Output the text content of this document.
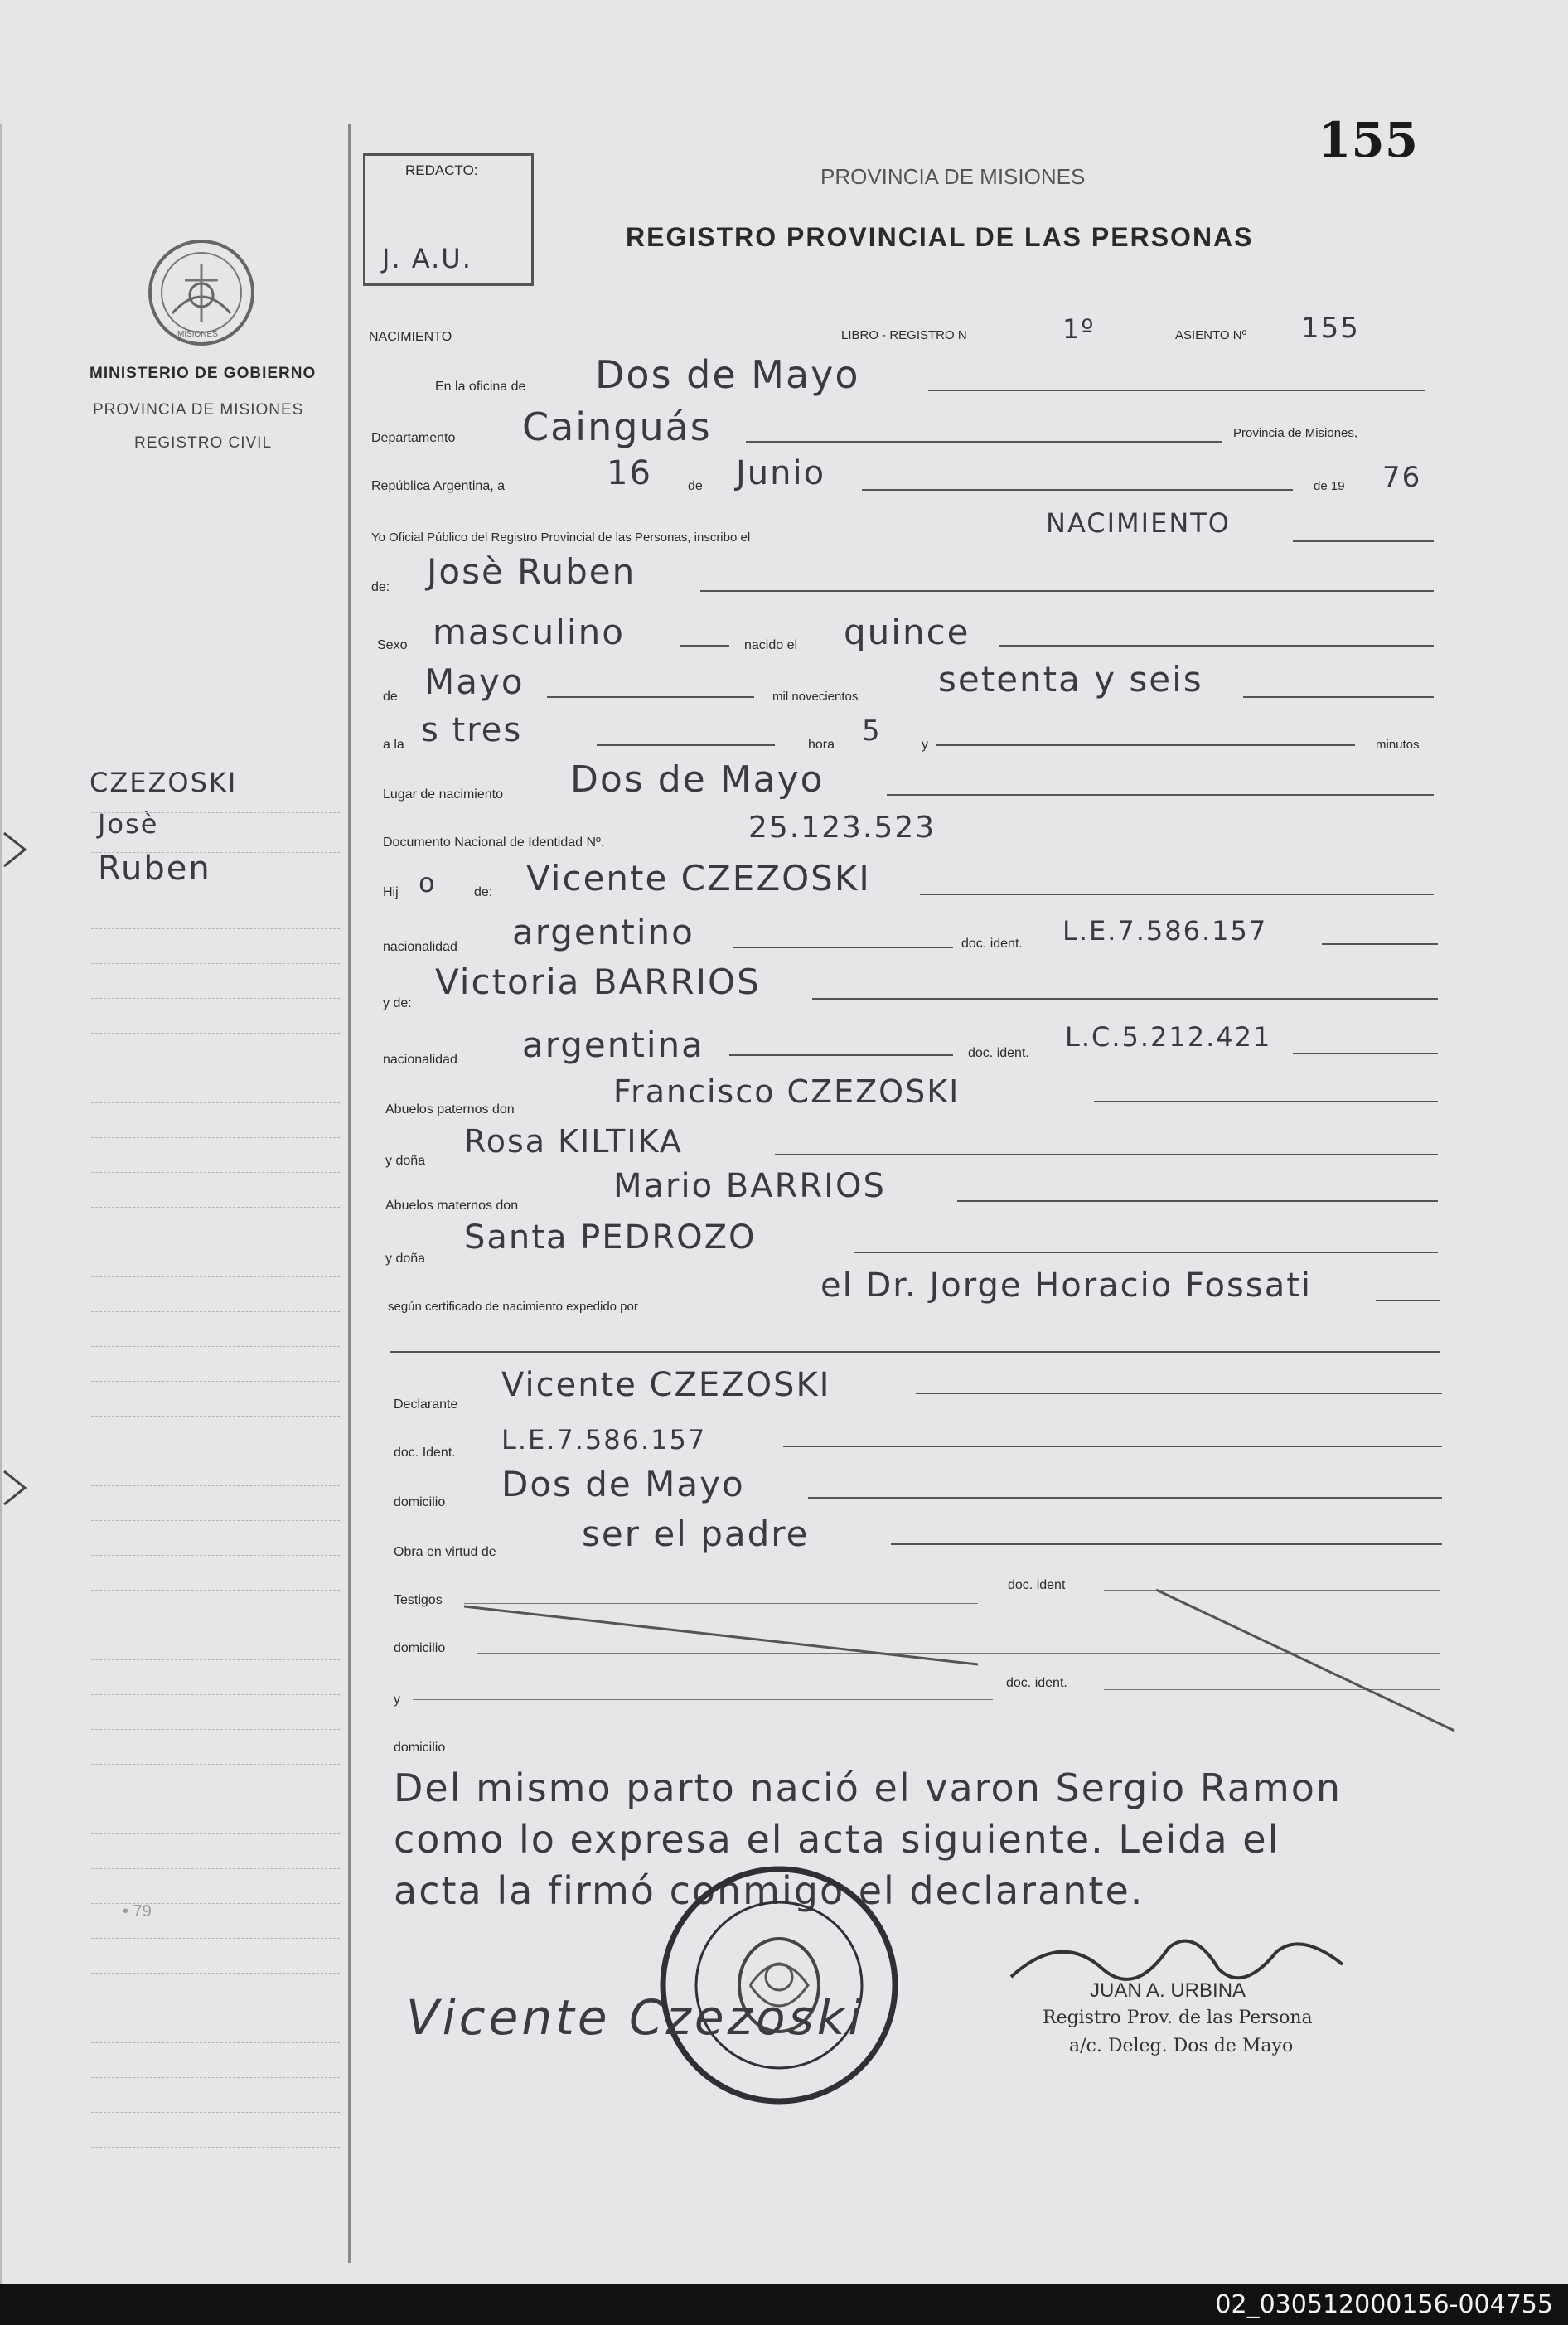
155
REDACTO:
J. A.U.
PROVINCIA DE MISIONES
REGISTRO PROVINCIAL DE LAS PERSONAS
MISIONES
MINISTERIO DE GOBIERNO
PROVINCIA DE MISIONES
REGISTRO CIVIL
CZEZOSKI
Josè
Ruben
• 79
NACIMIENTO	LIBRO - REGISTRO N	1º	ASIENTO Nº 155
En la oficina de Dos de Mayo
Departamento Cainguás	Provincia de Misiones,
República Argentina, a	16	de Junio	de 19 76
Yo Oficial Público del Registro Provincial de las Personas, inscribo el	NACIMIENTO
de: Josè Ruben
Sexo masculino	nacido el quince
de Mayo	mil novecientos setenta y seis
a la s tres	hora 5	y	minutos
Lugar de nacimiento Dos de Mayo
Documento Nacional de Identidad Nº.	25.123.523
Hij o	de: Vicente CZEZOSKI
nacionalidad argentino	doc. ident. L.E.7.586.157
y de:
Victoria BARRIOS
nacionalidad argentina	doc. ident.
L.C.5.212.421
Abuelos paternos don	Francisco CZEZOSKI
y doña
Rosa KILTIKA
Abuelos maternos don
Mario BARRIOS
y doña
Santa PEDROZO
según certificado de nacimiento expedido por
el Dr. Jorge Horacio Fossati
Declarante
Vicente CZEZOSKI
doc. Ident. L.E.7.586.157
domicilio Dos de Mayo
Obra en virtud de ser el padre
Testigos
doc. ident
domicilio
y
doc. ident.
domicilio
Del mismo parto nació el varon Sergio Ramon
como lo expresa el acta siguiente. Leida el
acta la firmó conmigo el declarante.
Vicente Czezoski	JUAN A. URBINA
Registro Prov. de las Persona
a/c. Deleg. Dos de Mayo
02_030512000156-004755
